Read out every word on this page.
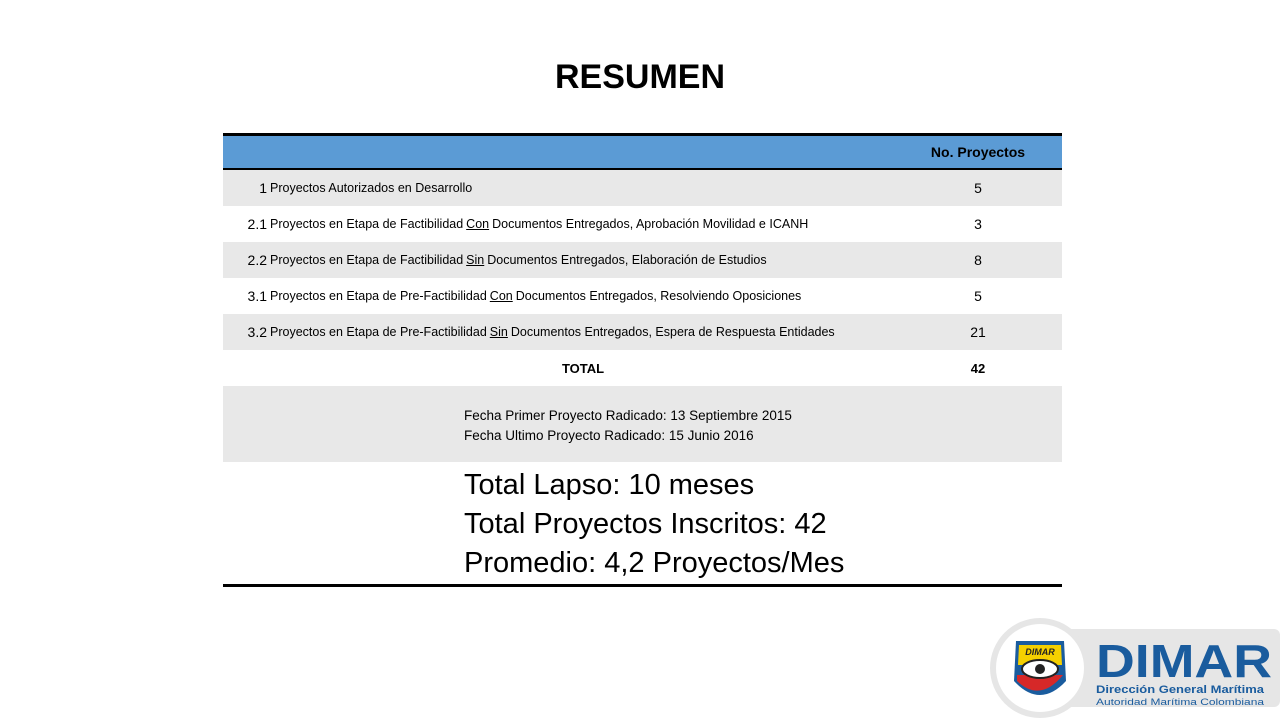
RESUMEN
No. Proyectos
1 Proyectos Autorizados en Desarrollo	5
2.1 Proyectos en Etapa de Factibilidad Con Documentos Entregados, Aprobación Movilidad e ICANH	3
2.2 Proyectos en Etapa de Factibilidad Sin Documentos Entregados, Elaboración de Estudios	8
3.1 Proyectos en Etapa de Pre-Factibilidad Con Documentos Entregados, Resolviendo Oposiciones	5
3.2 Proyectos en Etapa de Pre-Factibilidad Sin Documentos Entregados, Espera de Respuesta Entidades	21
TOTAL	42
Fecha Primer Proyecto Radicado: 13 Septiembre 2015
Fecha Ultimo Proyecto Radicado: 15 Junio 2016
Total Lapso: 10 meses
Total Proyectos Inscritos: 42
Promedio: 4,2 Proyectos/Mes
DIMAR DIMAR
Dirección General Marítima
Autoridad Marítima Colombiana
